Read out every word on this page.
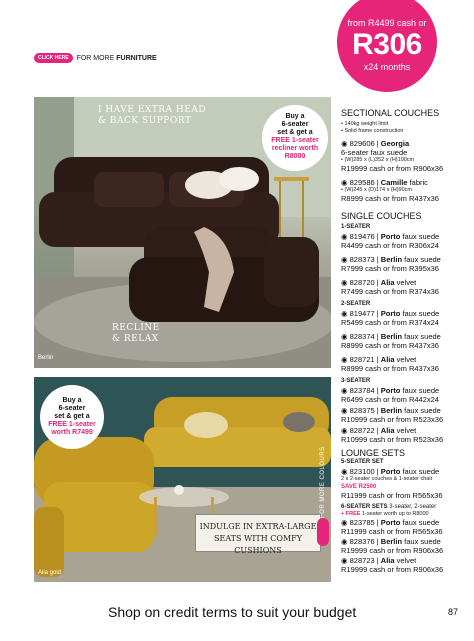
from R4499 cash or
R306
x24 months
CLICK HERE	FOR MORE FURNITURE
I HAVE EXTRA HEAD
& BACK SUPPORT
RECLINE
& RELAX
Berlin
Buy a
6-seater
set & get a
FREE 1-seater
recliner worth
R8000
Alia gold
Buy a
6-seater
set & get a
FREE 1-seater
worth R7499
INDULGE IN EXTRA-LARGE
SEATS WITH COMFY CUSHIONS
FOR MORE COLOURS
SECTIONAL COUCHES
• 140kg weight limit
• Solid frame construction
◉ 829606 | Georgia
6-seater faux suede
• (W)285 x (L)352 x (H)100cm
R19999 cash or from R906x36
◉ 829586 | Camille fabric
• (W)245 x (D)174 x (H)90cm
R8999 cash or from R437x36
SINGLE COUCHES
1-SEATER
◉ 819476 | Porto faux suede
R4499 cash or from R306x24
◉ 828373 | Berlin faux suede
R7999 cash or from R395x36
◉ 828720 | Alia velvet
R7499 cash or from R374x36
2-SEATER
◉ 819477 | Porto faux suede
R5499 cash or from R374x24
◉ 828374 | Berlin faux suede
R8999 cash or from R437x36
◉ 828721 | Alia velvet
R8999 cash or from R437x36
3-SEATER
◉ 823784 | Porto faux suede
R6499 cash or from R442x24
◉ 828375 | Berlin faux suede
R10999 cash or from R523x36
◉ 828722 | Alia velvet
R10999 cash or from R523x36
LOUNGE SETS
5-SEATER SET
◉ 823100 | Porto faux suede
2 x 2-seater couches & 1-seater chair
SAVE R2500
R11999 cash or from R565x36
6-SEATER SETS 3-seater, 2-seater
+ FREE 1-seater worth up to R8000
◉ 823785 | Porto faux suede
R11999 cash or from R565x36
◉ 828376 | Berlin faux suede
R19999 cash or from R906x36
◉ 828723 | Alia velvet
R19999 cash or from R906x36
Shop on credit terms to suit your budget	87
